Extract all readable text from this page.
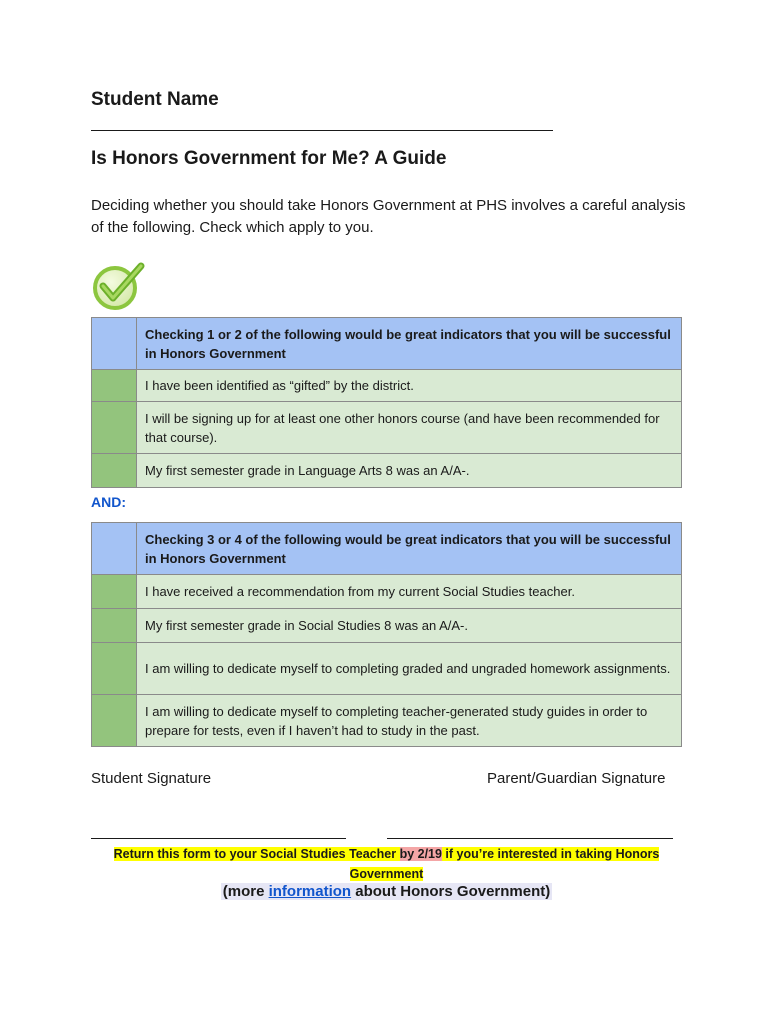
Student Name
Is Honors Government for Me? A Guide
Deciding whether you should take Honors Government at PHS involves a careful analysis of the following. Check which apply to you.
	Checking 1 or 2 of the following would be great indicators that you will be successful in Honors Government
	I have been identified as “gifted” by the district.
	I will be signing up for at least one other honors course (and have been recommended for that course).
	My first semester grade in Language Arts 8 was an A/A-.
AND:
	Checking 3 or 4 of the following would be great indicators that you will be successful in Honors Government
	I have received a recommendation from my current Social Studies teacher.
	My first semester grade in Social Studies 8 was an A/A-.
	I am willing to dedicate myself to completing graded and ungraded homework assignments.
	I am willing to dedicate myself to completing teacher-generated study guides in order to prepare for tests, even if I haven’t had to study in the past.
Student Signature	Parent/Guardian Signature
Return this form to your Social Studies Teacher by 2/19 if you’re interested in taking Honors Government
(more information about Honors Government)
